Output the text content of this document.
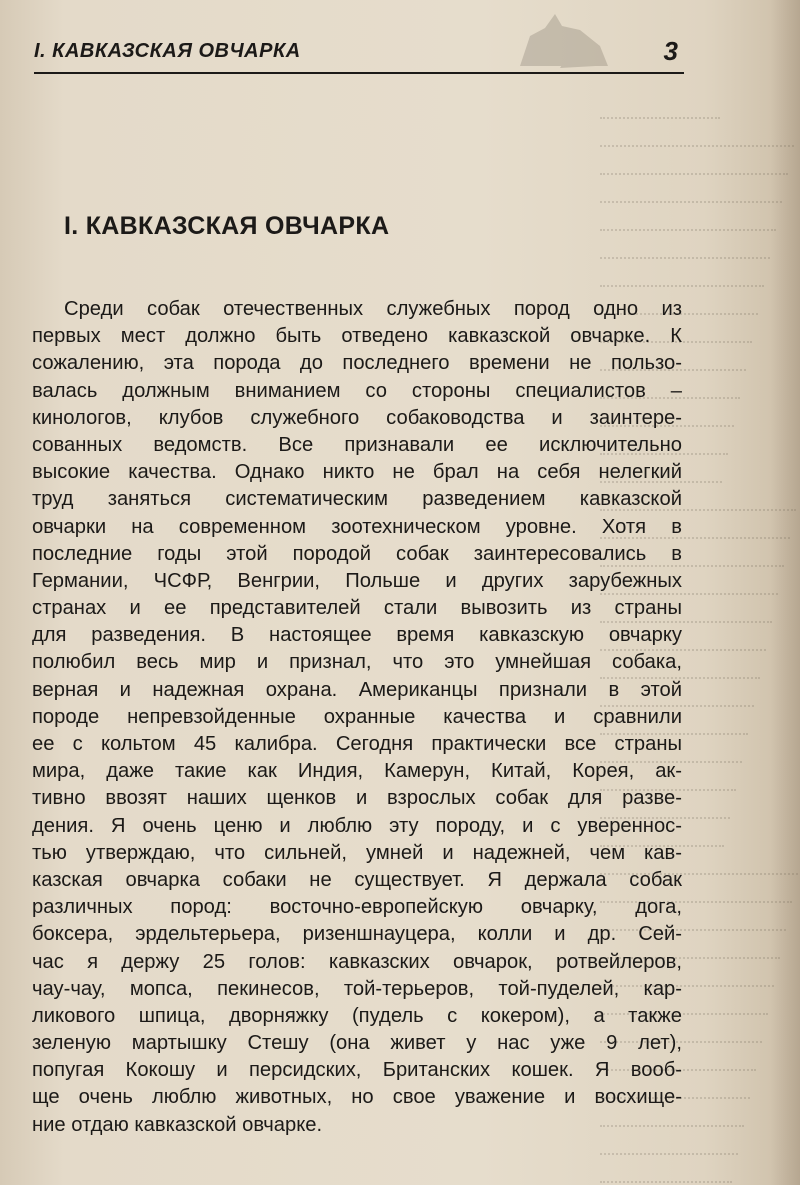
I. КАВКАЗСКАЯ ОВЧАРКА	3
I. КАВКАЗСКАЯ ОВЧАРКА
Среди собак отечественных служебных пород одно из
первых мест должно быть отведено кавказской овчарке. К
сожалению, эта порода до последнего времени не пользо-
валась должным вниманием со стороны специалистов –
кинологов, клубов служебного собаководства и заинтере-
сованных ведомств. Все признавали ее исключительно
высокие качества. Однако никто не брал на себя нелегкий
труд заняться систематическим разведением кавказской
овчарки на современном зоотехническом уровне. Хотя в
последние годы этой породой собак заинтересовались в
Германии, ЧСФР, Венгрии, Польше и других зарубежных
странах и ее представителей стали вывозить из страны
для разведения. В настоящее время кавказскую овчарку
полюбил весь мир и признал, что это умнейшая собака,
верная и надежная охрана. Американцы признали в этой
породе непревзойденные охранные качества и сравнили
ее с кольтом 45 калибра. Сегодня практически все страны
мира, даже такие как Индия, Камерун, Китай, Корея, ак-
тивно ввозят наших щенков и взрослых собак для разве-
дения. Я очень ценю и люблю эту породу, и с увереннос-
тью утверждаю, что сильней, умней и надежней, чем кав-
казская овчарка собаки не существует. Я держала собак
различных пород: восточно-европейскую овчарку, дога,
боксера, эрдельтерьера, ризеншнауцера, колли и др. Сей-
час я держу 25 голов: кавказских овчарок, ротвейлеров,
чау-чау, мопса, пекинесов, той-терьеров, той-пуделей, кар-
ликового шпица, дворняжку (пудель с кокером), а также
зеленую мартышку Стешу (она живет у нас уже 9 лет),
попугая Кокошу и персидских, Британских кошек. Я вооб-
ще очень люблю животных, но свое уважение и восхище-
ние отдаю кавказской овчарке.
